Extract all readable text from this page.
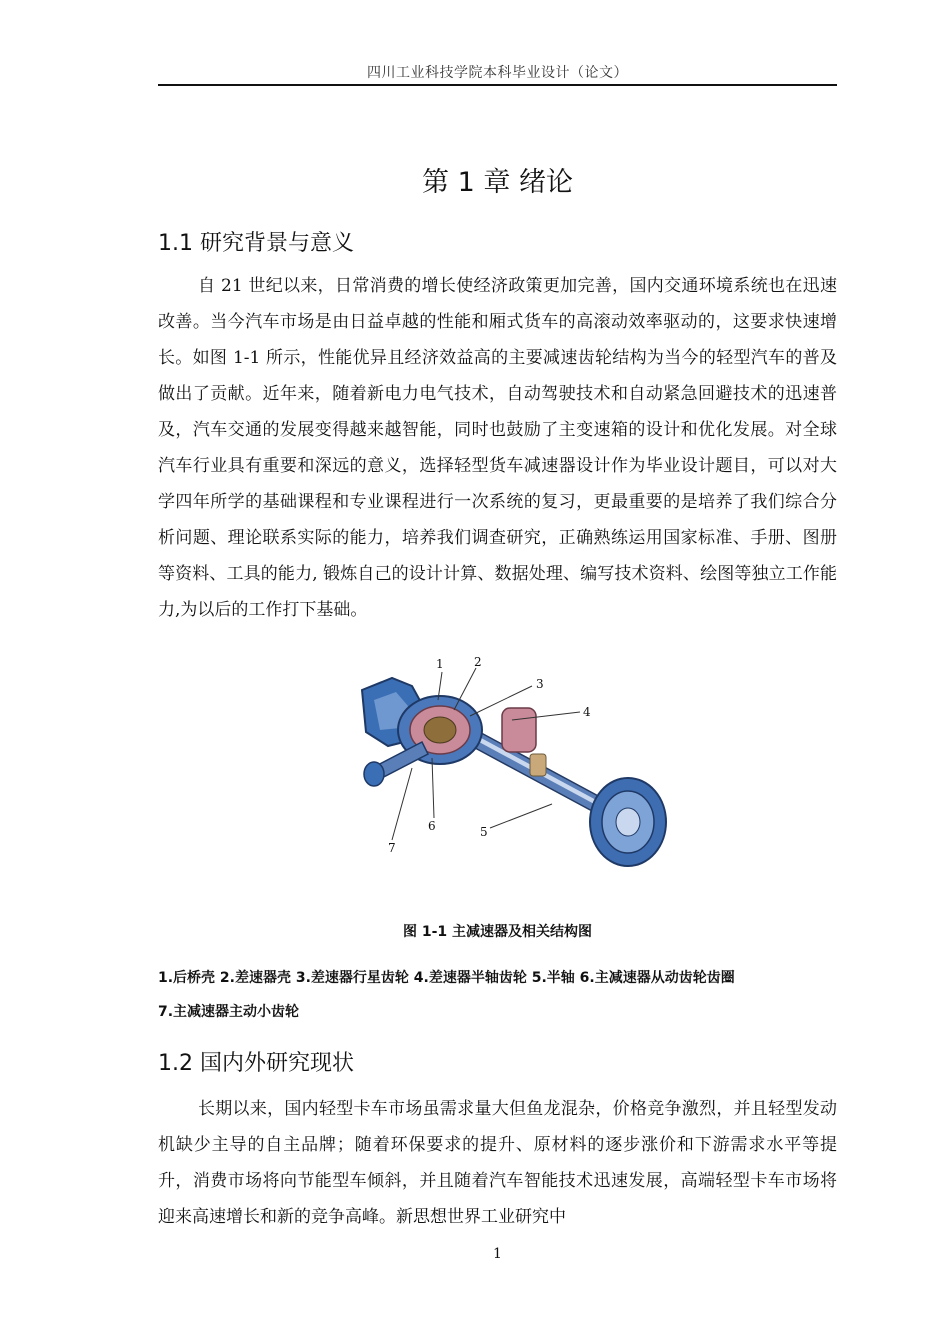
四川工业科技学院本科毕业设计（论文）
第 1 章 绪论
1.1 研究背景与意义

自 21 世纪以来，日常消费的增长使经济政策更加完善，国内交通环境系统也在迅速改善。当今汽车市场是由日益卓越的性能和厢式货车的高滚动效率驱动的，这要求快速增长。如图 1-1 所示，性能优异且经济效益高的主要减速齿轮结构为当今的轻型汽车的普及做出了贡献。近年来，随着新电力电气技术，自动驾驶技术和自动紧急回避技术的迅速普及，汽车交通的发展变得越来越智能，同时也鼓励了主变速箱的设计和优化发展。对全球汽车行业具有重要和深远的意义，选择轻型货车减速器设计作为毕业设计题目，可以对大学四年所学的基础课程和专业课程进行一次系统的复习，更最重要的是培养了我们综合分析问题、理论联系实际的能力，培养我们调查研究，正确熟练运用国家标准、手册、图册等资料、工具的能力, 锻炼自己的设计计算、数据处理、编写技术资料、绘图等独立工作能力,为以后的工作打下基础。

1	2
3
4
5
6
7
图 1-1 主减速器及相关结构图
1.后桥壳 2.差速器壳 3.差速器行星齿轮 4.差速器半轴齿轮 5.半轴 6.主减速器从动齿轮齿圈
7.主减速器主动小齿轮
1.2 国内外研究现状

长期以来，国内轻型卡车市场虽需求量大但鱼龙混杂，价格竞争激烈，并且轻型发动机缺少主导的自主品牌；随着环保要求的提升、原材料的逐步涨价和下游需求水平等提升，消费市场将向节能型车倾斜，并且随着汽车智能技术迅速发展，高端轻型卡车市场将迎来高速增长和新的竞争高峰。新思想世界工业研究中

1
